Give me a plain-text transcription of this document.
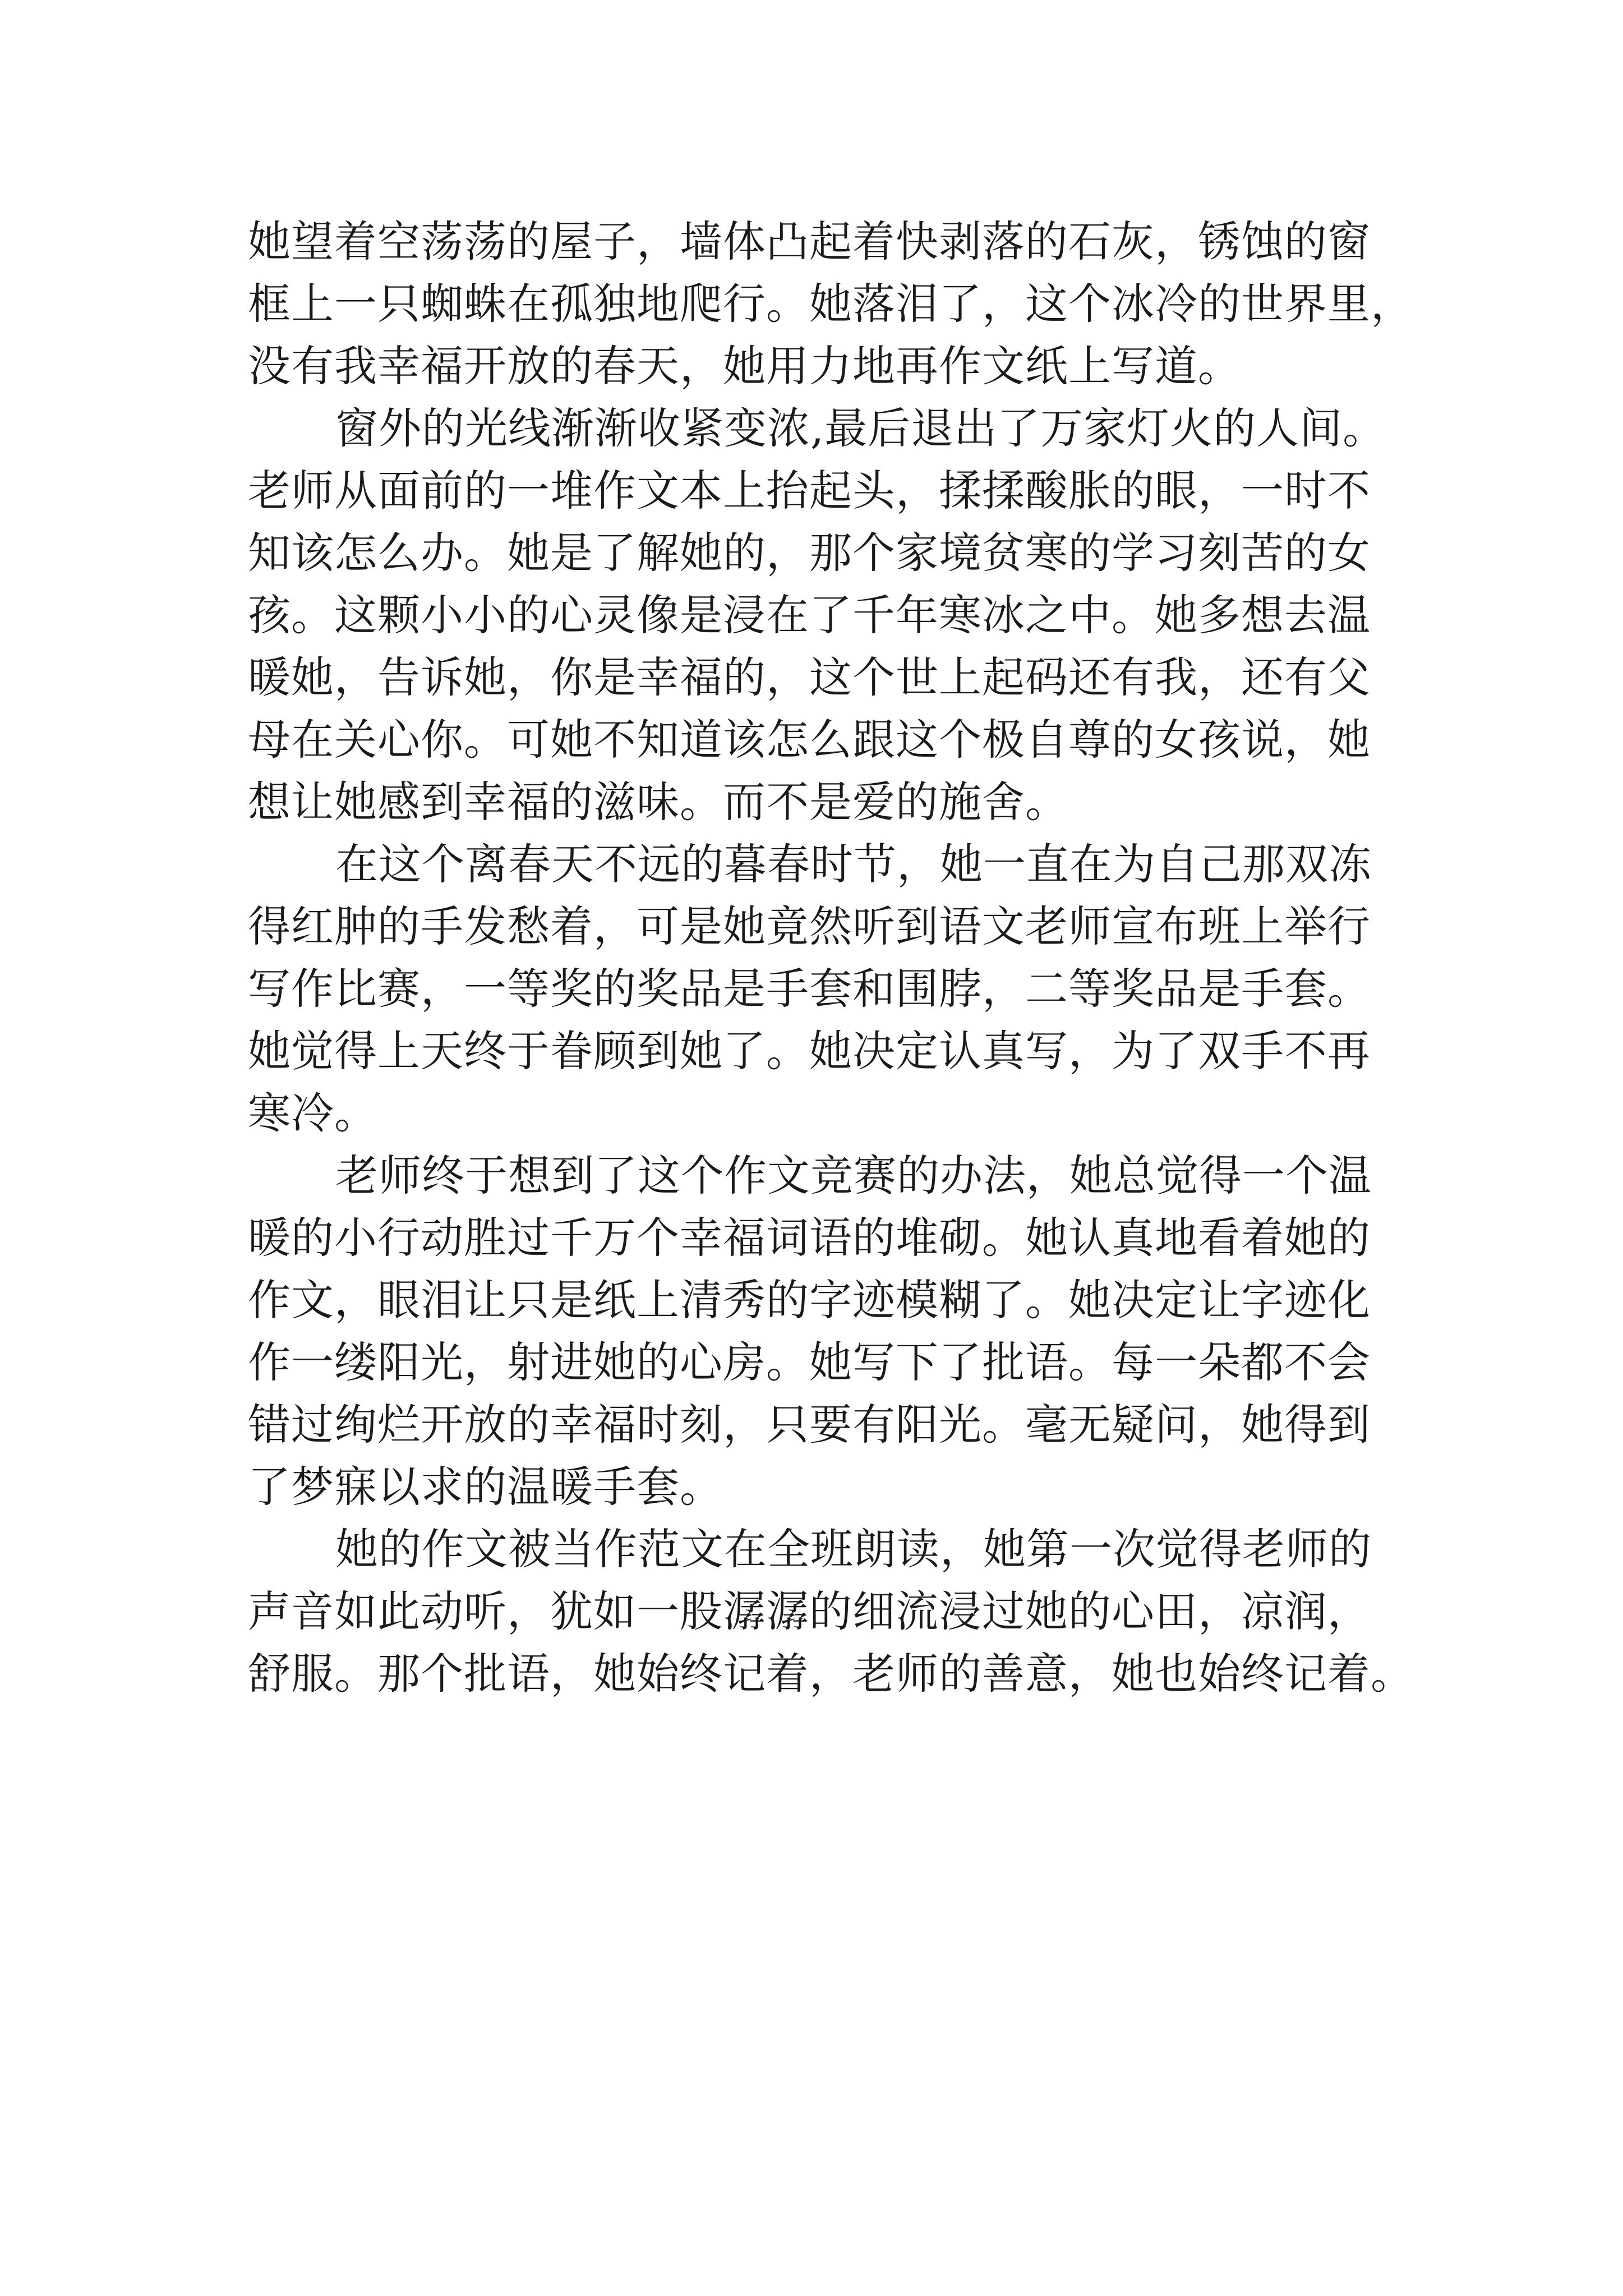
她望着空荡荡的屋子，墙体凸起着快剥落的石灰，锈蚀的窗
框上一只蜘蛛在孤独地爬行。她落泪了，这个冰冷的世界里，
没有我幸福开放的春天，她用力地再作文纸上写道。
窗外的光线渐渐收紧变浓,最后退出了万家灯火的人间。
老师从面前的一堆作文本上抬起头，揉揉酸胀的眼，一时不
知该怎么办。她是了解她的，那个家境贫寒的学习刻苦的女
孩。这颗小小的心灵像是浸在了千年寒冰之中。她多想去温
暖她，告诉她，你是幸福的，这个世上起码还有我，还有父
母在关心你。可她不知道该怎么跟这个极自尊的女孩说，她
想让她感到幸福的滋味。而不是爱的施舍。
在这个离春天不远的暮春时节，她一直在为自己那双冻
得红肿的手发愁着，可是她竟然听到语文老师宣布班上举行
写作比赛，一等奖的奖品是手套和围脖，二等奖品是手套。
她觉得上天终于眷顾到她了。她决定认真写，为了双手不再
寒冷。
老师终于想到了这个作文竞赛的办法，她总觉得一个温
暖的小行动胜过千万个幸福词语的堆砌。她认真地看着她的
作文，眼泪让只是纸上清秀的字迹模糊了。她决定让字迹化
作一缕阳光，射进她的心房。她写下了批语。每一朵都不会
错过绚烂开放的幸福时刻，只要有阳光。毫无疑问，她得到
了梦寐以求的温暖手套。
她的作文被当作范文在全班朗读，她第一次觉得老师的
声音如此动听，犹如一股潺潺的细流浸过她的心田，凉润，
舒服。那个批语，她始终记着，老师的善意，她也始终记着。
